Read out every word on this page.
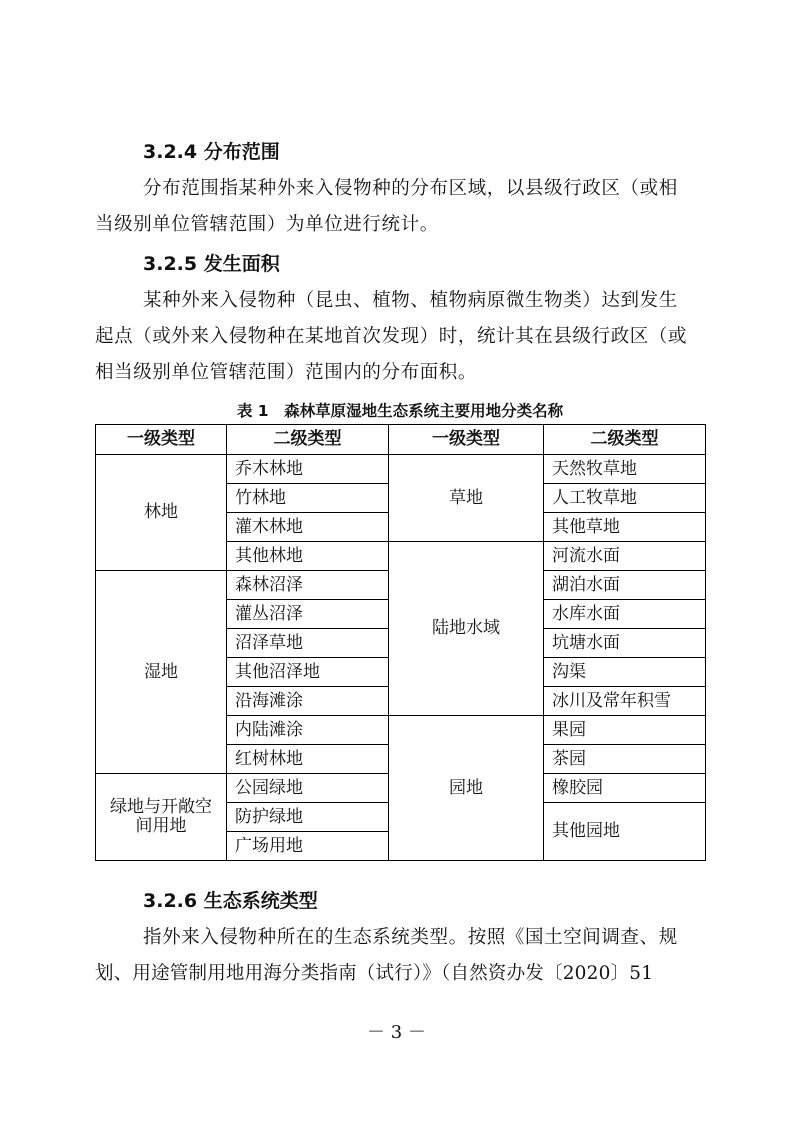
3.2.4 分布范围
分布范围指某种外来入侵物种的分布区域，以县级行政区（或相
当级别单位管辖范围）为单位进行统计。
3.2.5 发生面积
某种外来入侵物种（昆虫、植物、植物病原微生物类）达到发生
起点（或外来入侵物种在某地首次发现）时，统计其在县级行政区（或
相当级别单位管辖范围）范围内的分布面积。
表 1　森林草原湿地生态系统主要用地分类名称
一级类型	二级类型	一级类型	二级类型
林地	乔木林地	草地	天然牧草地
	竹林地		人工牧草地
	灌木林地		其他草地
	其他林地	陆地水域	河流水面
湿地	森林沼泽		湖泊水面
	灌丛沼泽		水库水面
	沼泽草地		坑塘水面
	其他沼泽地		沟渠
	沿海滩涂		冰川及常年积雪
	内陆滩涂	园地	果园
	红树林地		茶园
绿地与开敞空间用地	公园绿地		橡胶园
	防护绿地		其他园地
	广场用地		
3.2.6 生态系统类型
指外来入侵物种所在的生态系统类型。按照《国土空间调查、规
划、用途管制用地用海分类指南（试行）》（自然资办发〔2020〕51
－ 3 －
